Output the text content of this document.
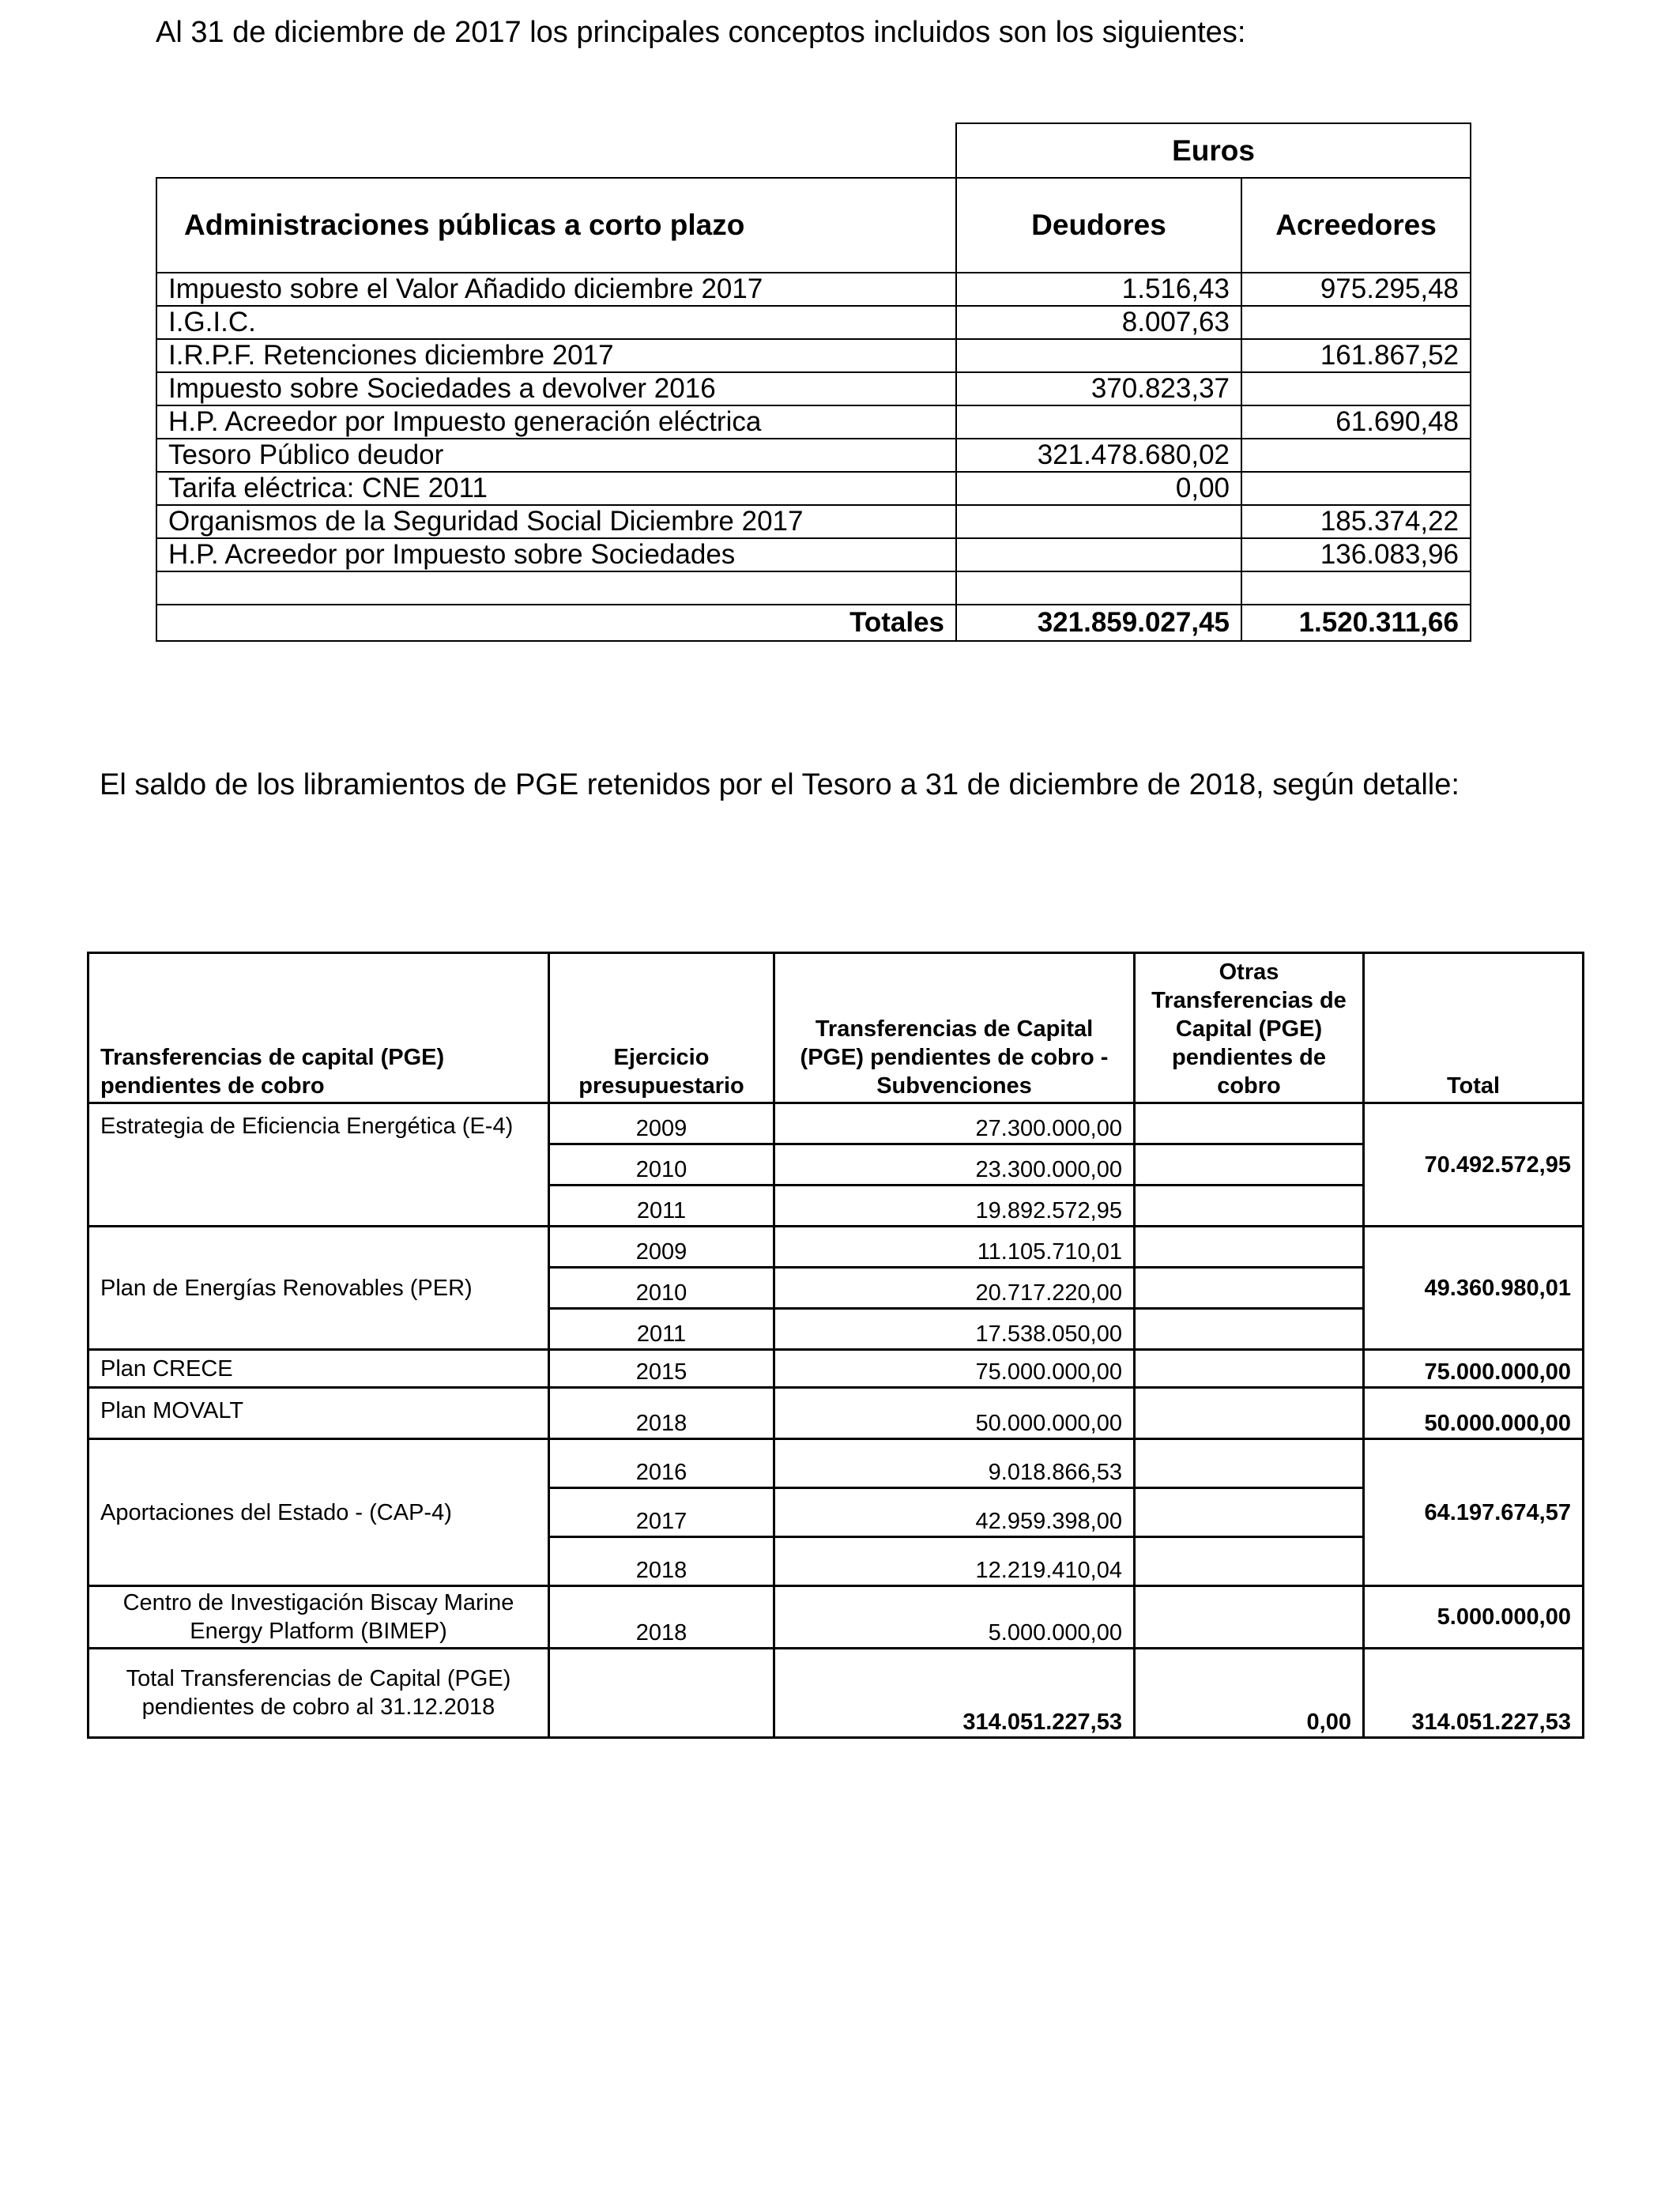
Al 31 de diciembre de 2017 los principales conceptos incluidos son los siguientes:

	Euros	
Administraciones públicas a corto plazo	Deudores	Acreedores
Impuesto sobre el Valor Añadido diciembre 2017	1.516,43	975.295,48
I.G.I.C.	8.007,63	
I.R.P.F. Retenciones diciembre 2017		161.867,52
Impuesto sobre Sociedades a devolver 2016	370.823,37	
H.P. Acreedor por Impuesto generación eléctrica		61.690,48
Tesoro Público deudor	321.478.680,02	
Tarifa eléctrica: CNE 2011	0,00	
Organismos de la Seguridad Social Diciembre 2017		185.374,22
H.P. Acreedor por Impuesto sobre Sociedades		136.083,96

Totales	321.859.027,45	1.520.311,66

El saldo de los libramientos de PGE retenidos por el Tesoro a 31 de diciembre de 2018, según detalle:

Transferencias de capital (PGE) pendientes de cobro	Ejercicio presupuestario	Transferencias de Capital (PGE) pendientes de cobro - Subvenciones	Otras Transferencias de Capital (PGE) pendientes de cobro	Total
Estrategia de Eficiencia Energética (E-4)	2009	27.300.000,00		70.492.572,95
	2010	23.300.000,00		
	2011	19.892.572,95		
Plan de Energías Renovables (PER)	2009	11.105.710,01		49.360.980,01
	2010	20.717.220,00		
	2011	17.538.050,00		
Plan CRECE	2015	75.000.000,00		75.000.000,00
Plan MOVALT	2018	50.000.000,00		50.000.000,00
Aportaciones del Estado - (CAP-4)	2016	9.018.866,53		64.197.674,57
	2017	42.959.398,00		
	2018	12.219.410,04		
Centro de Investigación Biscay Marine Energy Platform (BIMEP)	2018	5.000.000,00		5.000.000,00
Total Transferencias de Capital (PGE) pendientes de cobro al 31.12.2018		314.051.227,53	0,00	314.051.227,53
